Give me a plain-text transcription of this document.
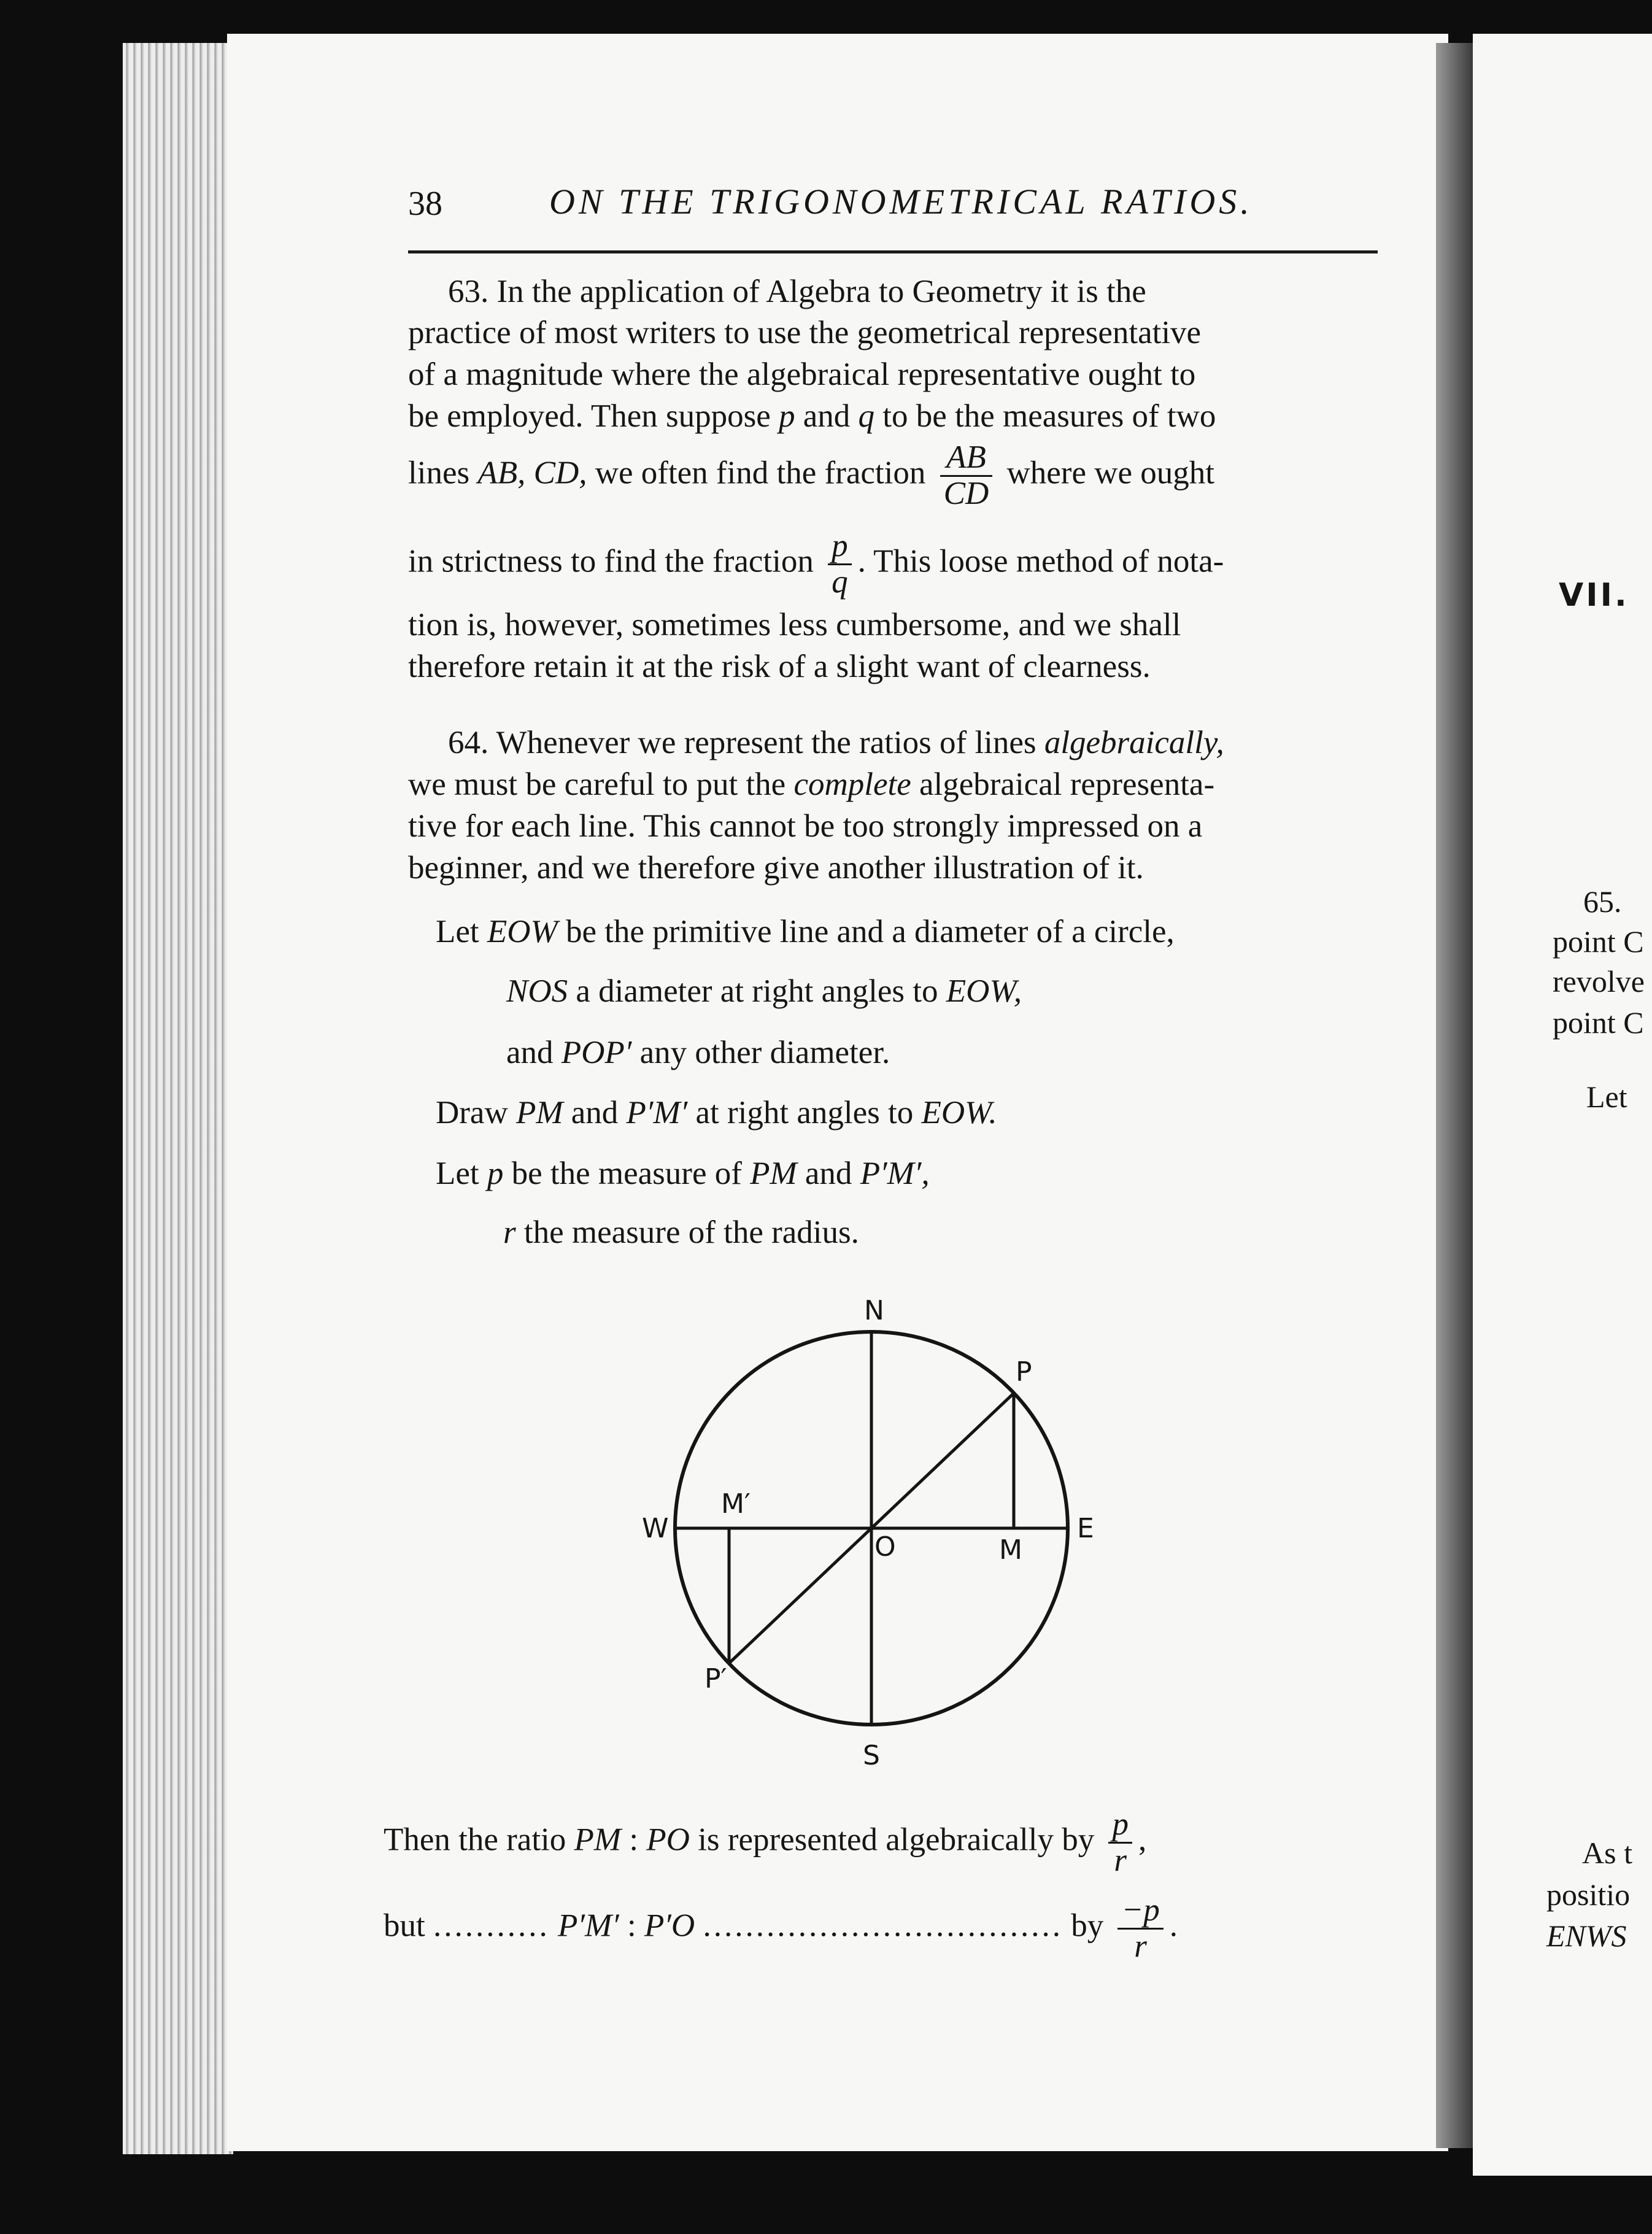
38	ON THE TRIGONOMETRICAL RATIOS.
63. In the application of Algebra to Geometry it is the
practice of most writers to use the geometrical representative
of a magnitude where the algebraical representative ought to
be employed. Then suppose p and q to be the measures of two
lines AB, CD, we often find the fraction $\frac{AB}{CD}$ where we ought
in strictness to find the fraction $\frac{p}{q}$ . This loose method of nota-
tion is, however, sometimes less cumbersome, and we shall
therefore retain it at the risk of a slight want of clearness.
64. Whenever we represent the ratios of lines algebraically,
we must be careful to put the complete algebraical representa-
tive for each line. This cannot be too strongly impressed on a
beginner, and we therefore give another illustration of it.
Let EOW be the primitive line and a diameter of a circle,
NOS a diameter at right angles to EOW,
and POP′ any other diameter.
Draw PM and P′M′ at right angles to EOW.
Let p be the measure of PM and P′M′,
r the measure of the radius.
N
S
E
W
O
P
M
M′
P′
Then the ratio PM : PO is represented algebraically by $\frac{p}{r}$ ,
but ........... P′M′ : P′O .................................. by $\frac{-p}{r}$ .
VII.
65.
point C
revolve
point C
Let
As t
positio
ENWS
